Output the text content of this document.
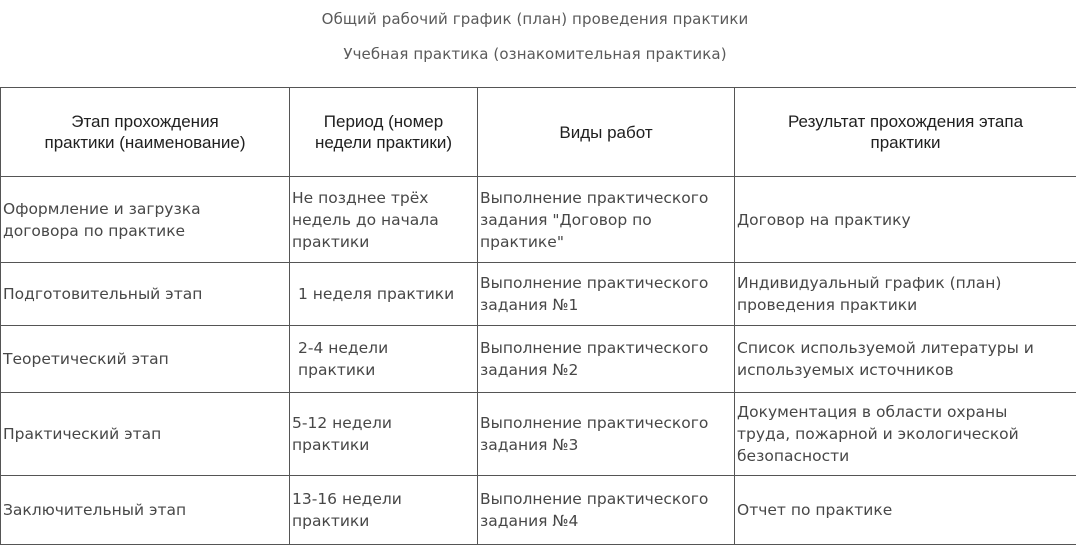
Общий рабочий график (план) проведения практики
Учебная практика (ознакомительная практика)
Этап прохождения практики (наименование)	Период (номер недели практики)	Виды работ	Результат прохождения этапа практики

Оформление и загрузка договора по практике	Не позднее трёх недель до начала практики	Выполнение практического задания "Договор по практике"	Договор на практику

Подготовительный этап	1 неделя практики	Выполнение практического задания №1	Индивидуальный график (план) проведения практики

Теоретический этап	2-4 недели практики	Выполнение практического задания №2	Список используемой литературы и используемых источников

Практический этап	5-12 недели практики	Выполнение практического задания №3	Документация в области охраны труда, пожарной и экологической безопасности

Заключительный этап	13-16 недели практики	Выполнение практического задания №4	Отчет по практике
